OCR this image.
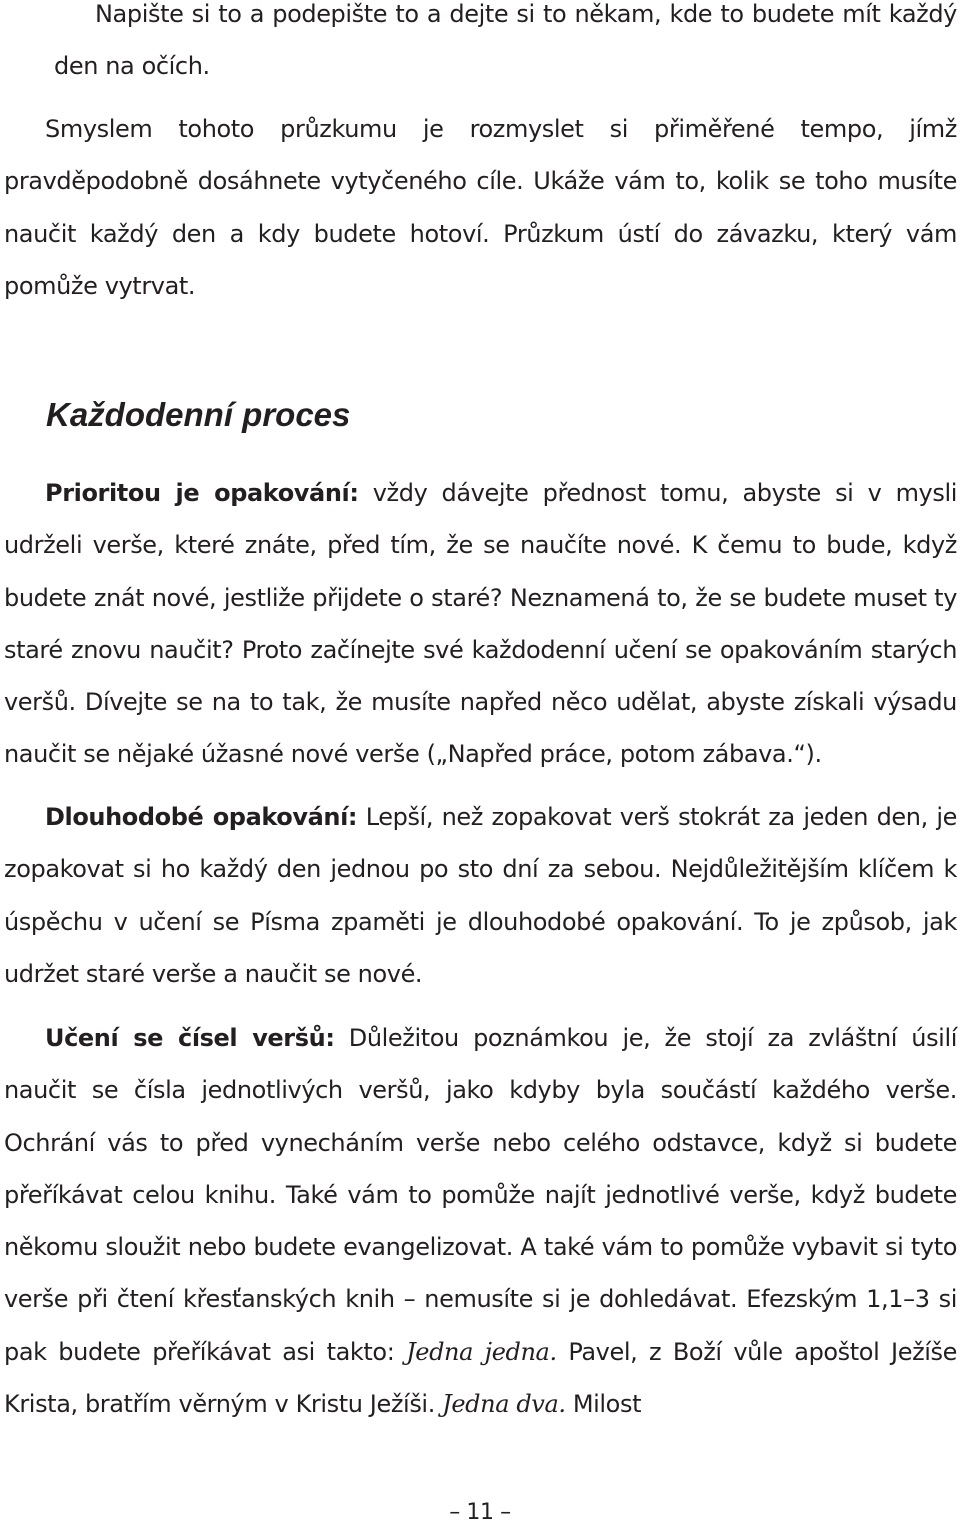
Napište si to a podepište to a dejte si to někam, kde to budete mít každý den na očích.

Smyslem tohoto průzkumu je rozmyslet si přiměřené tempo, jímž pravděpodobně dosáhnete vytyčeného cíle. Ukáže vám to, kolik se toho musíte naučit každý den a kdy budete hotoví. Průzkum ústí do závazku, který vám pomůže vytrvat.

Každodenní proces

Prioritou je opakování: vždy dávejte přednost tomu, abyste si v mysli udrželi verše, které znáte, před tím, že se naučíte nové. K čemu to bude, když budete znát nové, jestliže přijdete o staré? Neznamená to, že se budete muset ty staré znovu naučit? Proto začínejte své každodenní učení se opakováním starých veršů. Dívejte se na to tak, že musíte napřed něco udělat, abyste získali výsadu naučit se nějaké úžasné nové verše („Napřed práce, potom zábava.“).

Dlouhodobé opakování: Lepší, než zopakovat verš stokrát za jeden den, je zopakovat si ho každý den jednou po sto dní za sebou. Nejdůležitějším klíčem k úspěchu v učení se Písma zpaměti je dlouhodobé opakování. To je způsob, jak udržet staré verše a naučit se nové.

Učení se čísel veršů: Důležitou poznámkou je, že stojí za zvláštní úsilí naučit se čísla jednotlivých veršů, jako kdyby byla součástí každého verše. Ochrání vás to před vynecháním verše nebo celého odstavce, když si budete přeříkávat celou knihu. Také vám to pomůže najít jednotlivé verše, když budete někomu sloužit nebo budete evangelizovat. A také vám to pomůže vybavit si tyto verše při čtení křesťanských knih – nemusíte si je dohledávat. Efezským 1,1–3 si pak budete přeříkávat asi takto: Jedna jedna. Pavel, z Boží vůle apoštol Ježíše Krista, bratřím věrným v Kristu Ježíši. Jedna dva. Milost

– 11 –
